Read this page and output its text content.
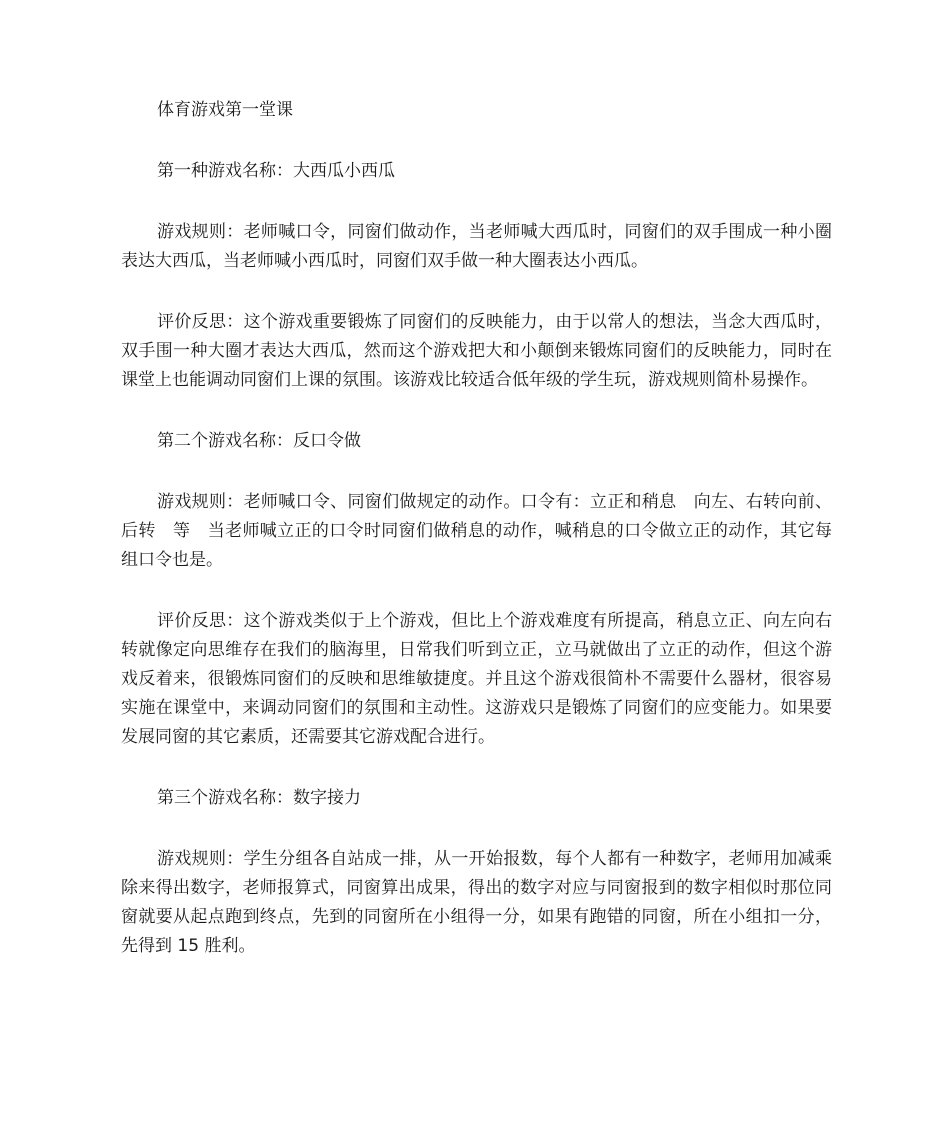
体育游戏第一堂课

第一种游戏名称：大西瓜小西瓜

游戏规则：老师喊口令，同窗们做动作，当老师喊大西瓜时，同窗们的双手围成一种小圈表达大西瓜，当老师喊小西瓜时，同窗们双手做一种大圈表达小西瓜。

评价反思：这个游戏重要锻炼了同窗们的反映能力，由于以常人的想法，当念大西瓜时，双手围一种大圈才表达大西瓜，然而这个游戏把大和小颠倒来锻炼同窗们的反映能力，同时在课堂上也能调动同窗们上课的氛围。该游戏比较适合低年级的学生玩，游戏规则简朴易操作。

第二个游戏名称：反口令做

游戏规则：老师喊口令、同窗们做规定的动作。口令有：立正和稍息　向左、右转向前、后转　等　当老师喊立正的口令时同窗们做稍息的动作，喊稍息的口令做立正的动作，其它每组口令也是。

评价反思：这个游戏类似于上个游戏，但比上个游戏难度有所提高，稍息立正、向左向右转就像定向思维存在我们的脑海里，日常我们听到立正，立马就做出了立正的动作，但这个游戏反着来，很锻炼同窗们的反映和思维敏捷度。并且这个游戏很简朴不需要什么器材，很容易实施在课堂中，来调动同窗们的氛围和主动性。这游戏只是锻炼了同窗们的应变能力。如果要发展同窗的其它素质，还需要其它游戏配合进行。

第三个游戏名称：数字接力

游戏规则：学生分组各自站成一排，从一开始报数，每个人都有一种数字，老师用加减乘除来得出数字，老师报算式，同窗算出成果，得出的数字对应与同窗报到的数字相似时那位同窗就要从起点跑到终点，先到的同窗所在小组得一分，如果有跑错的同窗，所在小组扣一分，先得到 15 胜利。
